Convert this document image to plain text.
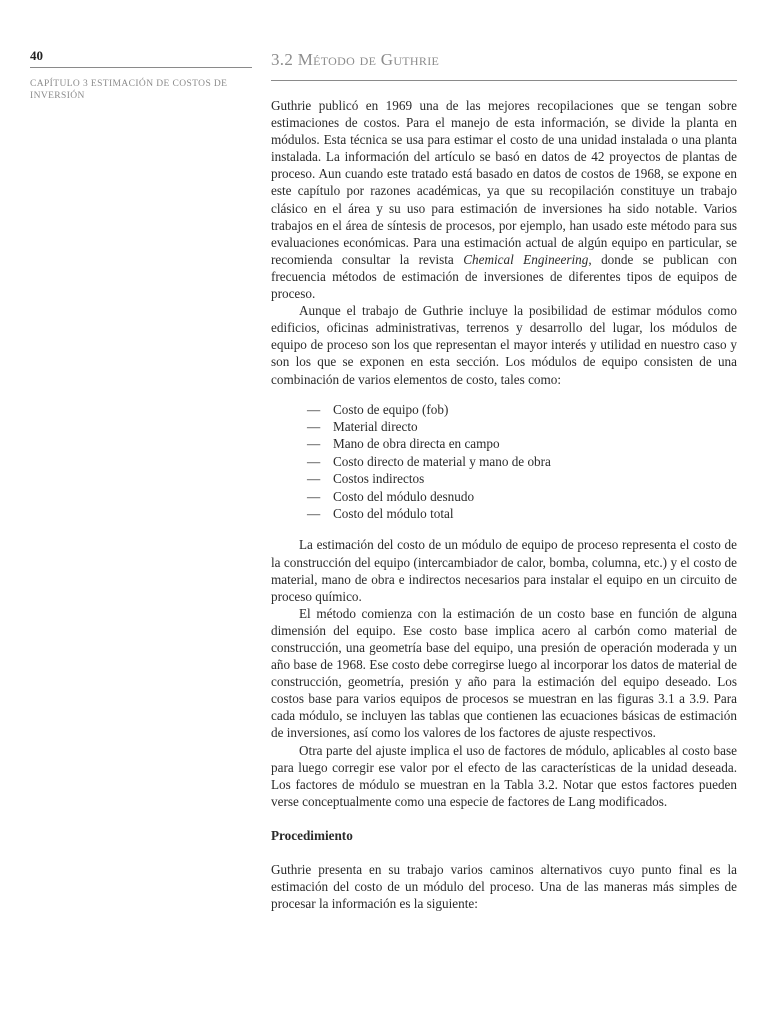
40
CAPÍTULO 3 ESTIMACIÓN DE COSTOS DE INVERSIÓN
3.2 Método de Guthrie

Guthrie publicó en 1969 una de las mejores recopilaciones que se tengan sobre estimaciones de costos. Para el manejo de esta información, se divide la planta en módulos. Esta técnica se usa para estimar el costo de una unidad instalada o una planta instalada. La información del artículo se basó en datos de 42 proyectos de plantas de proceso. Aun cuando este tratado está basado en datos de costos de 1968, se expone en este capítulo por razones académicas, ya que su recopilación constituye un trabajo clásico en el área y su uso para estimación de inversiones ha sido notable. Varios trabajos en el área de síntesis de procesos, por ejemplo, han usado este método para sus evaluaciones económicas. Para una estimación actual de algún equipo en particular, se recomienda consultar la revista Chemical Engineering, donde se publican con frecuencia métodos de estimación de inversiones de diferentes tipos de equipos de proceso.

Aunque el trabajo de Guthrie incluye la posibilidad de estimar módulos como edificios, oficinas administrativas, terrenos y desarrollo del lugar, los módulos de equipo de proceso son los que representan el mayor interés y utilidad en nuestro caso y son los que se exponen en esta sección. Los módulos de equipo consisten de una combinación de varios elementos de costo, tales como:

— Costo de equipo (fob)
— Material directo
— Mano de obra directa en campo
— Costo directo de material y mano de obra
— Costos indirectos
— Costo del módulo desnudo
— Costo del módulo total

La estimación del costo de un módulo de equipo de proceso representa el costo de la construcción del equipo (intercambiador de calor, bomba, columna, etc.) y el costo de material, mano de obra e indirectos necesarios para instalar el equipo en un circuito de proceso químico.

El método comienza con la estimación de un costo base en función de alguna dimensión del equipo. Ese costo base implica acero al carbón como material de construcción, una geometría base del equipo, una presión de operación moderada y un año base de 1968. Ese costo debe corregirse luego al incorporar los datos de material de construcción, geometría, presión y año para la estimación del equipo deseado. Los costos base para varios equipos de procesos se muestran en las figuras 3.1 a 3.9. Para cada módulo, se incluyen las tablas que contienen las ecuaciones básicas de estimación de inversiones, así como los valores de los factores de ajuste respectivos.

Otra parte del ajuste implica el uso de factores de módulo, aplicables al costo base para luego corregir ese valor por el efecto de las características de la unidad deseada. Los factores de módulo se muestran en la Tabla 3.2. Notar que estos factores pueden verse conceptualmente como una especie de factores de Lang modificados.

Procedimiento

Guthrie presenta en su trabajo varios caminos alternativos cuyo punto final es la estimación del costo de un módulo del proceso. Una de las maneras más simples de procesar la información es la siguiente:
